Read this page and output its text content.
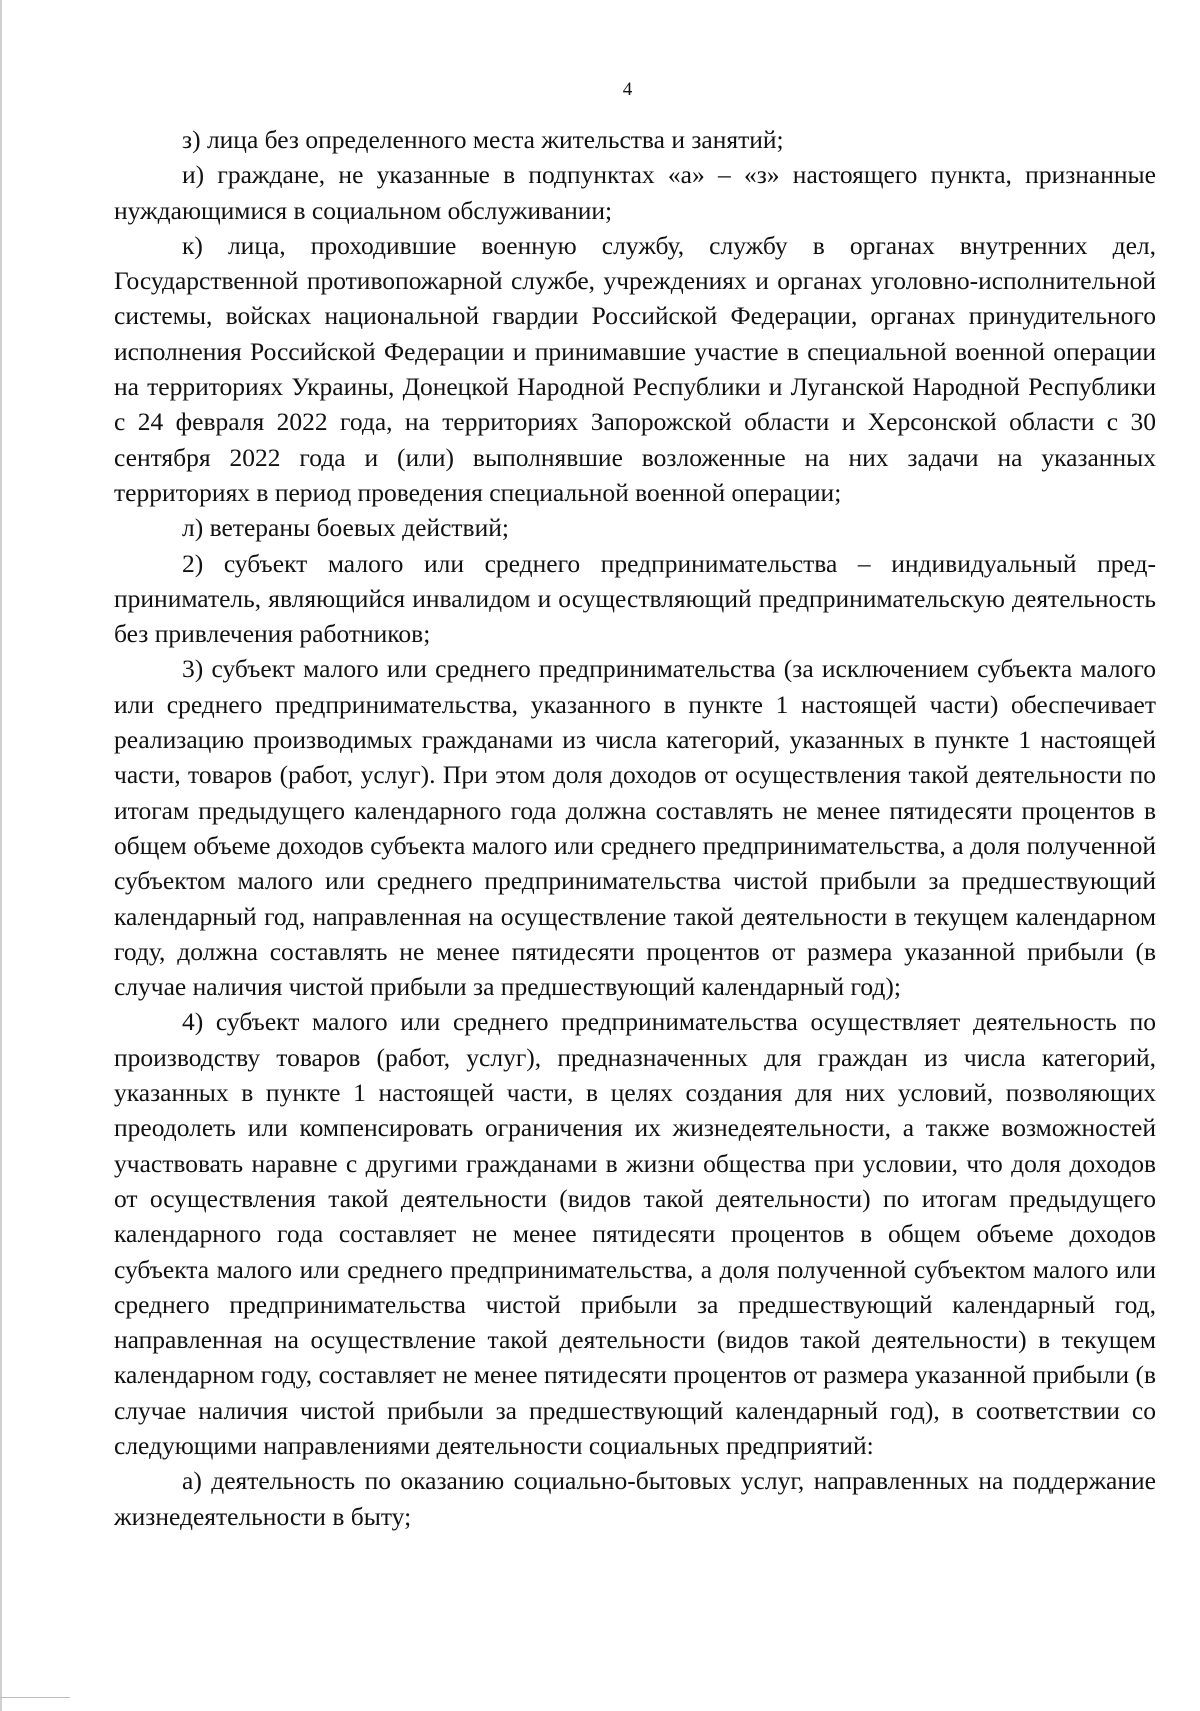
4

з) лица без определенного места жительства и занятий;

и) граждане, не указанные в подпунктах «а» – «з» настоящего пункта, признанные нуждающимися в социальном обслуживании;

к) лица, проходившие военную службу, службу в органах внутренних дел, Государственной противопожарной службе, учреждениях и органах уголовно-исполнительной системы, войсках национальной гвардии Российской Федерации, органах принудительного исполнения Российской Федерации и принимавшие участие в специальной военной операции на территориях Украины, Донецкой Народной Республики и Луганской Народной Республики с 24 февраля 2022 года, на территориях Запорожской области и Херсонской области с 30 сентября 2022 года и (или) выполнявшие возложенные на них задачи на указанных территориях в период проведения специальной военной операции;

л) ветераны боевых действий;

2) субъект малого или среднего предпринимательства – индивидуальный предприниматель, являющийся инвалидом и осуществляющий предпринимательскую деятельность без привлечения работников;

3) субъект малого или среднего предпринимательства (за исключением субъекта малого или среднего предпринимательства, указанного в пункте 1 настоящей части) обеспечивает реализацию производимых гражданами из числа категорий, указанных в пункте 1 настоящей части, товаров (работ, услуг). При этом доля доходов от осуществления такой деятельности по итогам предыдущего календарного года должна составлять не менее пятидесяти процентов в общем объеме доходов субъекта малого или среднего предпринимательства, а доля полученной субъектом малого или среднего предпринимательства чистой прибыли за предшествующий календарный год, направленная на осуществление такой деятельности в текущем календарном году, должна составлять не менее пятидесяти процентов от размера указанной прибыли (в случае наличия чистой прибыли за предшествующий календарный год);

4) субъект малого или среднего предпринимательства осуществляет деятельность по производству товаров (работ, услуг), предназначенных для граждан из числа категорий, указанных в пункте 1 настоящей части, в целях создания для них условий, позволяющих преодолеть или компенсировать ограничения их жизнедеятельности, а также возможностей участвовать наравне с другими гражданами в жизни общества при условии, что доля доходов от осуществления такой деятельности (видов такой деятельности) по итогам предыдущего календарного года составляет не менее пятидесяти процентов в общем объеме доходов субъекта малого или среднего предпринимательства, а доля полученной субъектом малого или среднего предпринимательства чистой прибыли за предшествующий календарный год, направленная на осуществление такой деятельности (видов такой деятельности) в текущем календарном году, составляет не менее пятидесяти процентов от размера указанной прибыли (в случае наличия чистой прибыли за предшествующий календарный год), в соответствии со следующими направлениями деятельности социальных предприятий:

а) деятельность по оказанию социально-бытовых услуг, направленных на поддержание жизнедеятельности в быту;
